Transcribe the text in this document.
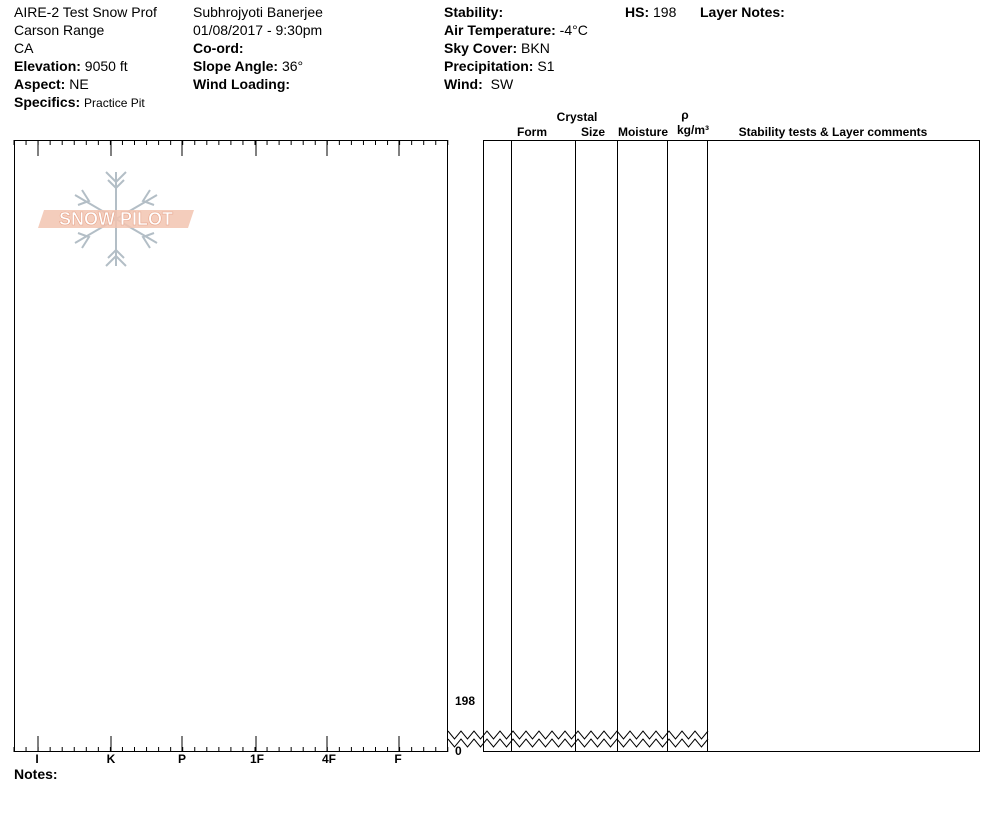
AIRE-2 Test Snow Prof
Carson Range
CA
Elevation: 9050 ft
Aspect: NE
Specifics: Practice Pit
Subhrojyoti Banerjee
01/08/2017 - 9:30pm
Co-ord:
Slope Angle: 36°
Wind Loading:
Stability:
Air Temperature: -4°C
Sky Cover: BKN
Precipitation: S1
Wind: SW
HS: 198 Layer Notes:
Crystal
Form	Size	Moisture
ρ
kg/m³	Stability tests & Layer comments
SNOW PILOT
I	K	P	1F	4F	F
198
0
Notes:
